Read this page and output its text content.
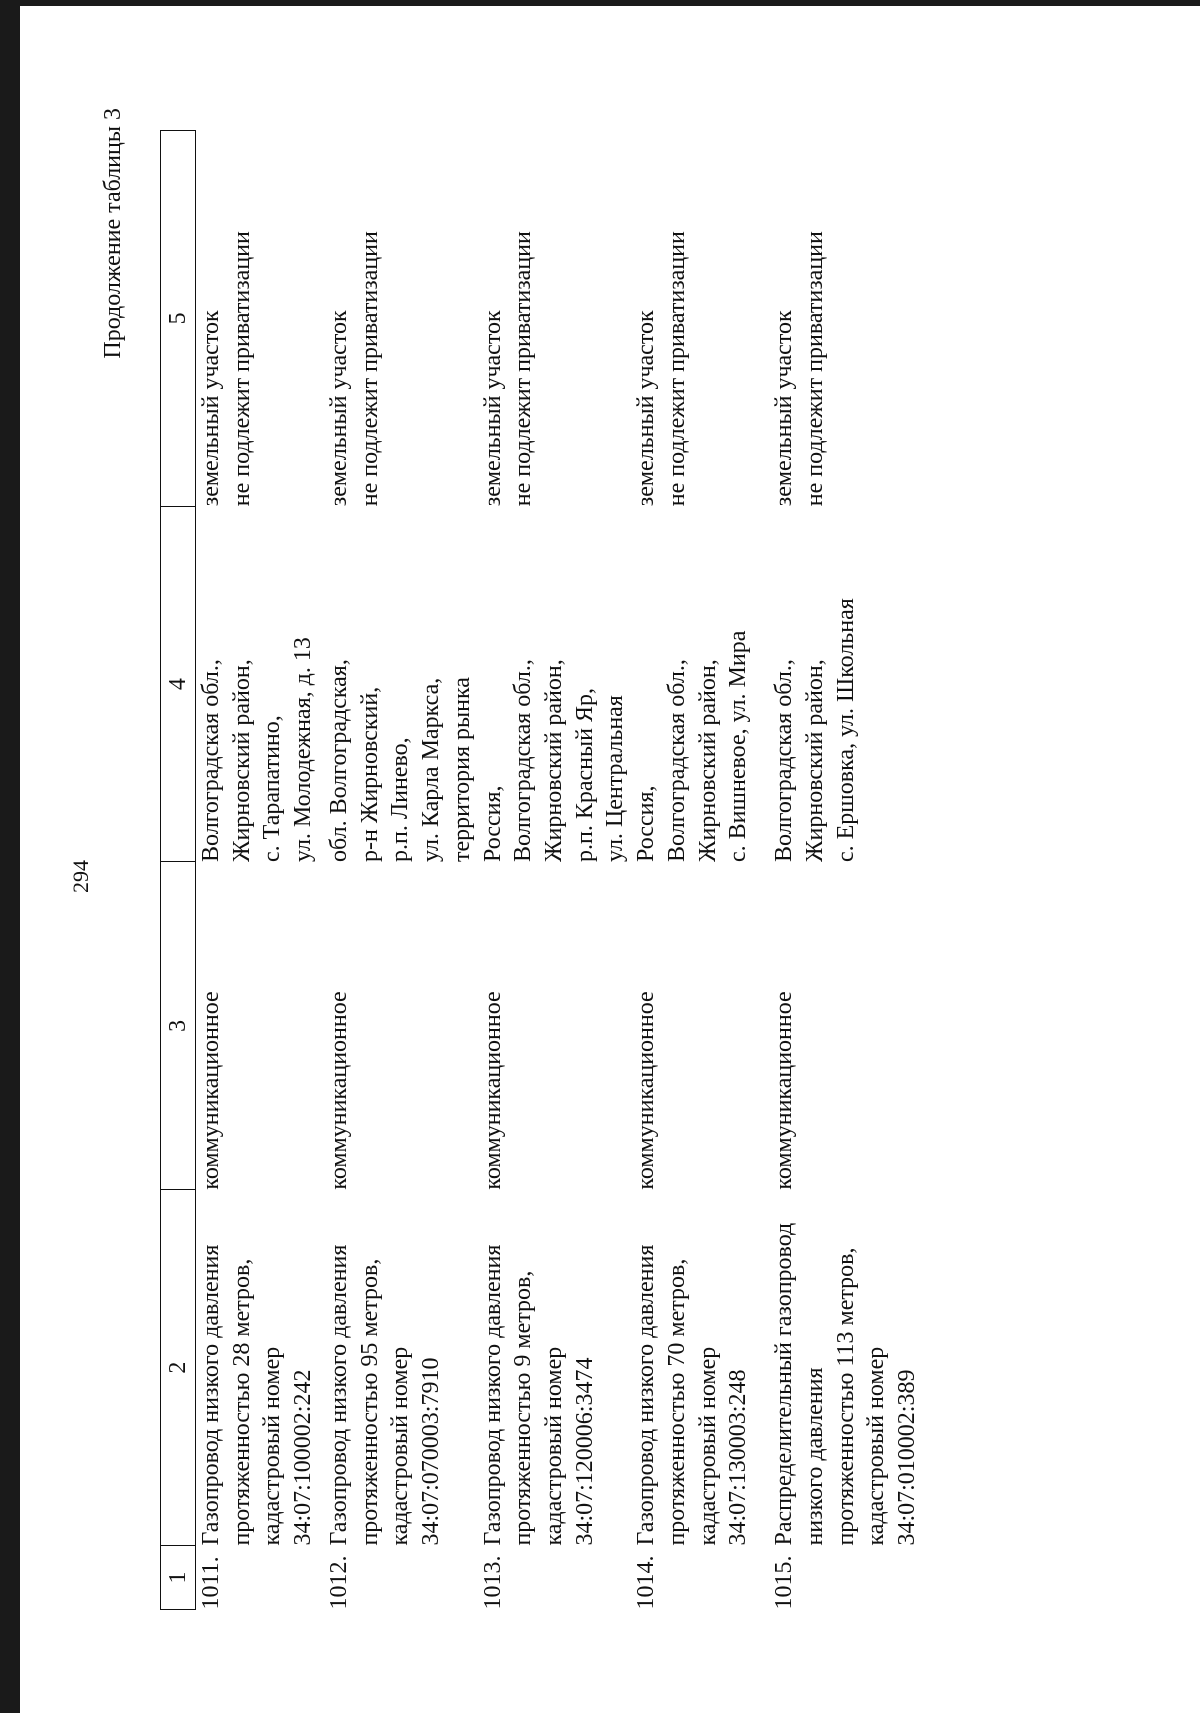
294
Продолжение таблицы 3
1	2	3	4	5
1011.	Газопровод низкого давления протяженностью 28 метров, кадастровый номер 34:07:100002:242	коммуникационное	Волгоградская обл., Жирновский район, с. Тарапатино, ул. Молодежная, д. 13	земельный участок не подлежит приватизации

1012.	Газопровод низкого давления протяженностью 95 метров, кадастровый номер 34:07:070003:7910	коммуникационное	обл. Волгоградская, р-н Жирновский, р.п. Линево, ул. Карла Маркса, территория рынка	земельный участок не подлежит приватизации

1013.	Газопровод низкого давления протяженностью 9 метров, кадастровый номер 34:07:120006:3474	коммуникационное	Россия, Волгоградская обл., Жирновский район, р.п. Красный Яр, ул. Центральная	земельный участок не подлежит приватизации

1014.	Газопровод низкого давления протяженностью 70 метров, кадастровый номер 34:07:130003:248	коммуникационное	Россия, Волгоградская обл., Жирновский район, с. Вишневое, ул. Мира	земельный участок не подлежит приватизации

1015.	Распределительный газопровод низкого давления протяженностью 113 метров, кадастровый номер 34:07:010002:389	коммуникационное	Волгоградская обл., Жирновский район, с. Ершовка, ул. Школьная	земельный участок не подлежит приватизации
